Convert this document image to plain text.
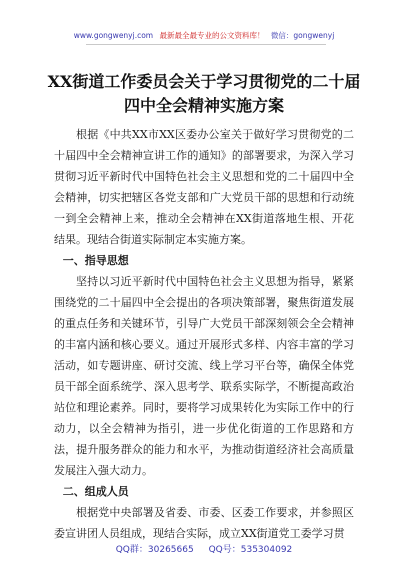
www.gongwenyj.com 最新最全最专业的公文资料库！ 微信：gongwenyj
XX街道工作委员会关于学习贯彻党的二十届四中全会精神实施方案

根据《中共XX市XX区委办公室关于做好学习贯彻党的二十届四中全会精神宣讲工作的通知》的部署要求，为深入学习贯彻习近平新时代中国特色社会主义思想和党的二十届四中全会精神，切实把辖区各党支部和广大党员干部的思想和行动统一到全会精神上来，推动全会精神在XX街道落地生根、开花结果。现结合街道实际制定本实施方案。

一、指导思想

坚持以习近平新时代中国特色社会主义思想为指导，紧紧围绕党的二十届四中全会提出的各项决策部署，聚焦街道发展的重点任务和关键环节，引导广大党员干部深刻领会全会精神的丰富内涵和核心要义。通过开展形式多样、内容丰富的学习活动，如专题讲座、研讨交流、线上学习平台等，确保全体党员干部全面系统学、深入思考学、联系实际学，不断提高政治站位和理论素养。同时，要将学习成果转化为实际工作中的行动力，以全会精神为指引，进一步优化街道的工作思路和方法，提升服务群众的能力和水平，为推动街道经济社会高质量发展注入强大动力。

二、组成人员

根据党中央部署及省委、市委、区委工作要求，并参照区委宣讲团人员组成，现结合实际，成立XX街道党工委学习贯

QQ群：30265665 QQ号：535304092
